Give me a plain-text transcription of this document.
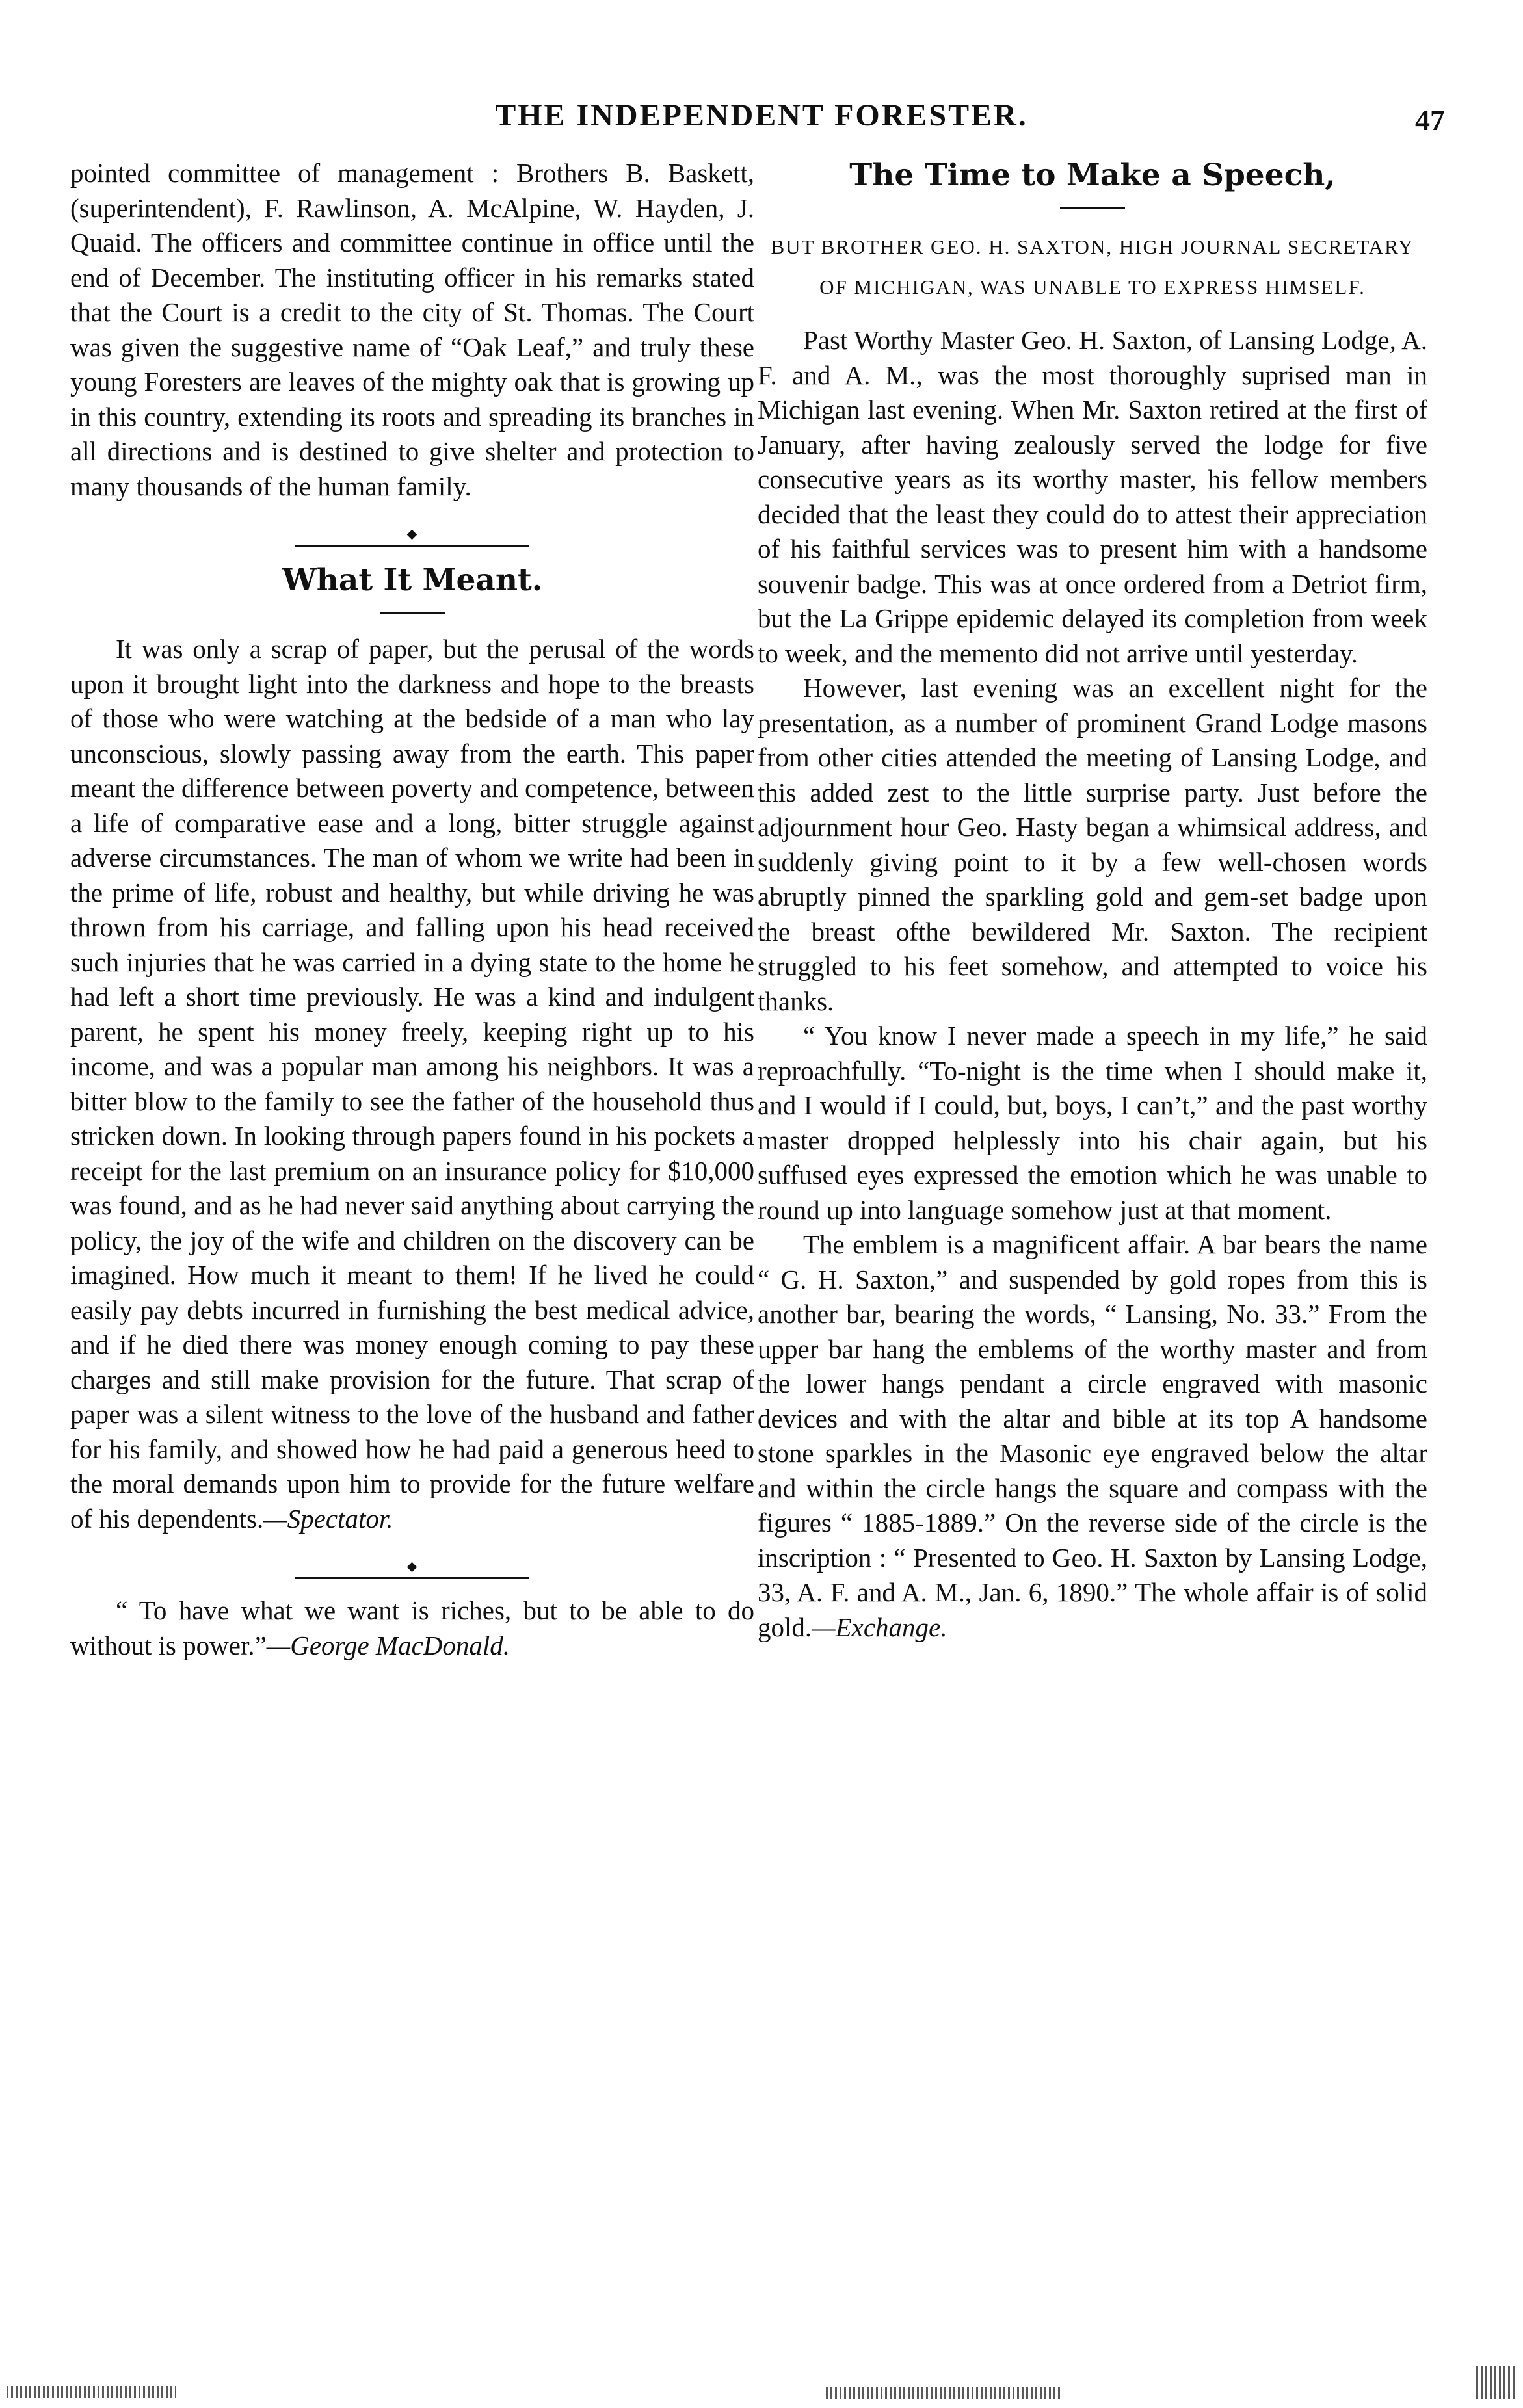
THE INDEPENDENT FORESTER.	47

pointed committee of management : Brothers B. Baskett, (superintendent), F. Rawlinson, A. McAlpine, W. Hayden, J. Quaid. The officers and committee continue in office until the end of December. The instituting officer in his remarks stated that the Court is a credit to the city of St. Thomas. The Court was given the suggestive name of “Oak Leaf,” and truly these young Foresters are leaves of the mighty oak that is growing up in this country, extending its roots and spreading its branches in all directions and is destined to give shelter and protection to many thousands of the human family.

What It Meant.

It was only a scrap of paper, but the perusal of the words upon it brought light into the darkness and hope to the breasts of those who were watching at the bedside of a man who lay unconscious, slowly passing away from the earth. This paper meant the difference between poverty and competence, between a life of comparative ease and a long, bitter struggle against adverse circumstances. The man of whom we write had been in the prime of life, robust and healthy, but while driving he was thrown from his carriage, and falling upon his head received such injuries that he was carried in a dying state to the home he had left a short time previously. He was a kind and indulgent parent, he spent his money freely, keeping right up to his income, and was a popular man among his neighbors. It was a bitter blow to the family to see the father of the household thus stricken down. In looking through papers found in his pockets a receipt for the last premium on an insurance policy for $10,000 was found, and as he had never said anything about carrying the policy, the joy of the wife and children on the discovery can be imagined. How much it meant to them! If he lived he could easily pay debts incurred in furnishing the best medical advice, and if he died there was money enough coming to pay these charges and still make provision for the future. That scrap of paper was a silent witness to the love of the husband and father for his family, and showed how he had paid a generous heed to the moral demands upon him to provide for the future welfare of his dependents.—Spectator.

“ To have what we want is riches, but to be able to do without is power.”—George MacDonald.

The Time to Make a Speech,
BUT BROTHER GEO. H. SAXTON, HIGH JOURNAL SECRETARY OF MICHIGAN, WAS UNABLE TO EXPRESS HIMSELF.

Past Worthy Master Geo. H. Saxton, of Lansing Lodge, A. F. and A. M., was the most thoroughly suprised man in Michigan last evening. When Mr. Saxton retired at the first of January, after having zealously served the lodge for five consecutive years as its worthy master, his fellow members decided that the least they could do to attest their appreciation of his faithful services was to present him with a handsome souvenir badge. This was at once ordered from a Detriot firm, but the La Grippe epidemic delayed its completion from week to week, and the memento did not arrive until yesterday.

However, last evening was an excellent night for the presentation, as a number of prominent Grand Lodge masons from other cities attended the meeting of Lansing Lodge, and this added zest to the little surprise party. Just before the adjournment hour Geo. Hasty began a whimsical address, and suddenly giving point to it by a few well-chosen words abruptly pinned the sparkling gold and gem-set badge upon the breast ofthe bewildered Mr. Saxton. The recipient struggled to his feet somehow, and attempted to voice his thanks.

“ You know I never made a speech in my life,” he said reproachfully. “To-night is the time when I should make it, and I would if I could, but, boys, I can’t,” and the past worthy master dropped helplessly into his chair again, but his suffused eyes expressed the emotion which he was unable to round up into language somehow just at that moment.

The emblem is a magnificent affair. A bar bears the name “ G. H. Saxton,” and suspended by gold ropes from this is another bar, bearing the words, “ Lansing, No. 33.” From the upper bar hang the emblems of the worthy master and from the lower hangs pendant a circle engraved with masonic devices and with the altar and bible at its top A handsome stone sparkles in the Masonic eye engraved below the altar and within the circle hangs the square and compass with the figures “ 1885-1889.” On the reverse side of the circle is the inscription : “ Presented to Geo. H. Saxton by Lansing Lodge, 33, A. F. and A. M., Jan. 6, 1890.” The whole affair is of solid gold.—Exchange.
